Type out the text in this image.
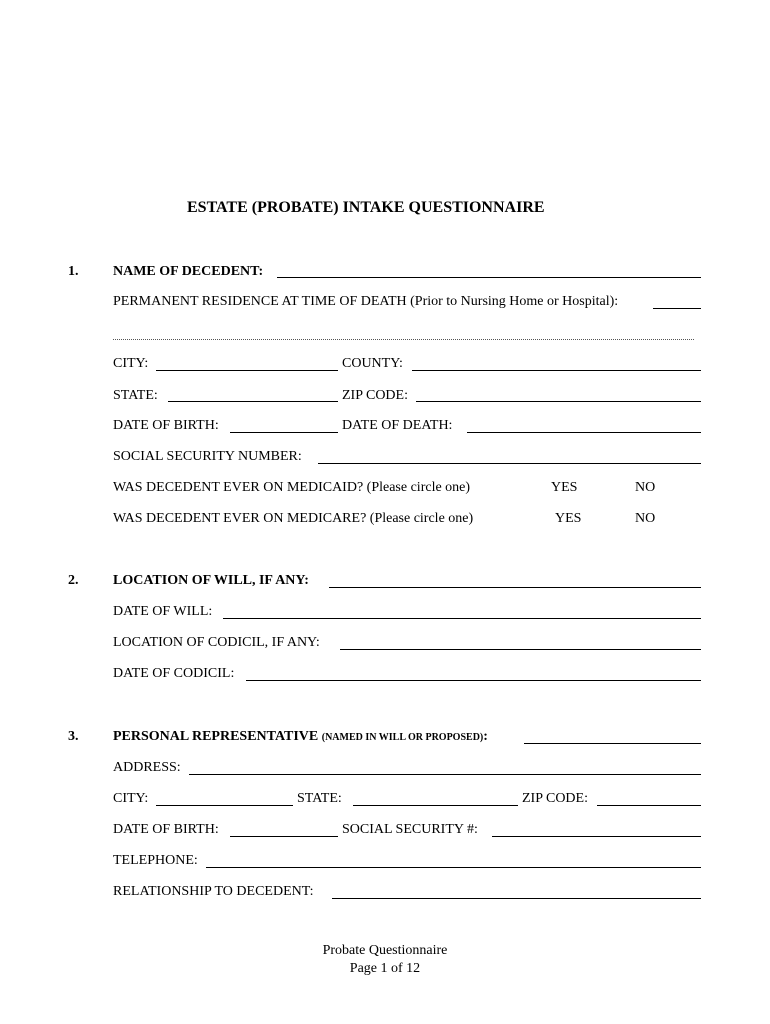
ESTATE (PROBATE) INTAKE QUESTIONNAIRE
1. NAME OF DECEDENT:
PERMANENT RESIDENCE AT TIME OF DEATH (Prior to Nursing Home or Hospital):
CITY:	COUNTY:
STATE:	ZIP CODE:
DATE OF BIRTH:	DATE OF DEATH:
SOCIAL SECURITY NUMBER:
WAS DECEDENT EVER ON MEDICAID? (Please circle one)	YES	NO
WAS DECEDENT EVER ON MEDICARE? (Please circle one)	YES	NO
2. LOCATION OF WILL, IF ANY:
DATE OF WILL:
LOCATION OF CODICIL, IF ANY:
DATE OF CODICIL:
3. PERSONAL REPRESENTATIVE (NAMED IN WILL OR PROPOSED):
ADDRESS:
CITY:	STATE:	ZIP CODE:
DATE OF BIRTH:	SOCIAL SECURITY #:
TELEPHONE:
RELATIONSHIP TO DECEDENT:
Probate Questionnaire
Page 1 of 12
